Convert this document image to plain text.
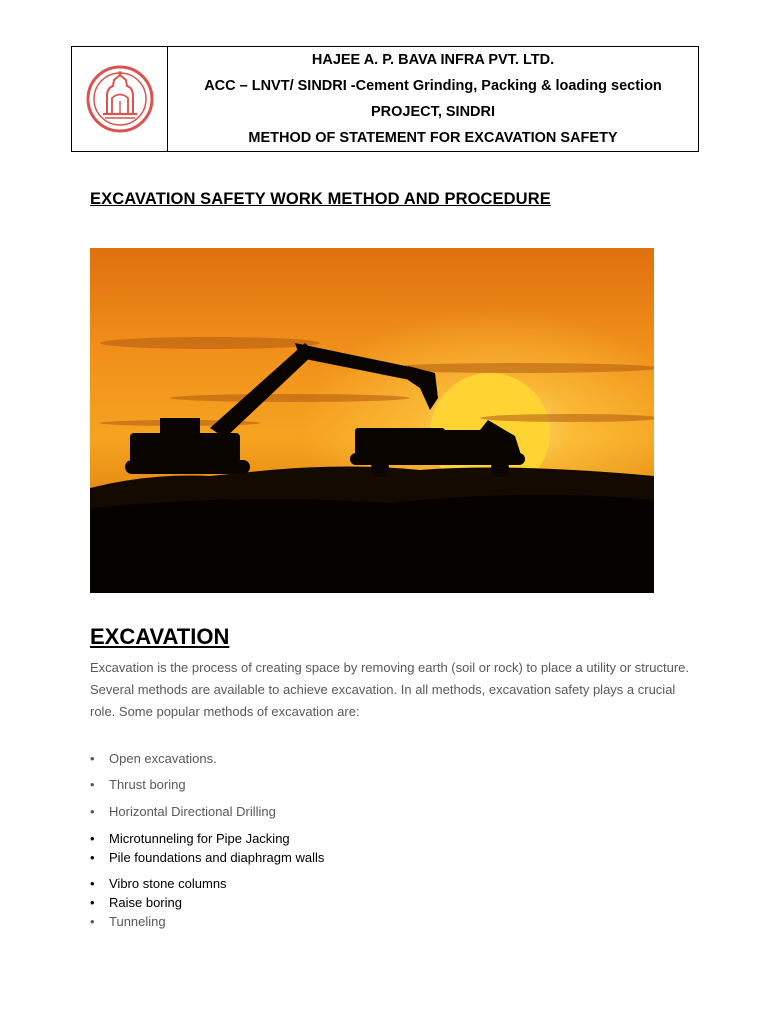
HAJEE A. P. BAVA INFRA PVT. LTD.
ACC – LNVT/ SINDRI -Cement Grinding, Packing & loading section
PROJECT, SINDRI
METHOD OF STATEMENT FOR EXCAVATION SAFETY
EXCAVATION SAFETY WORK METHOD AND PROCEDURE
EXCAVATION
Excavation is the process of creating space by removing earth (soil or rock) to place a utility or structure. Several methods are available to achieve excavation. In all methods, excavation safety plays a crucial role. Some popular methods of excavation are:
• Open excavations.
• Thrust boring
• Horizontal Directional Drilling
• Microtunneling for Pipe Jacking
• Pile foundations and diaphragm walls
• Vibro stone columns
• Raise boring
• Tunneling
